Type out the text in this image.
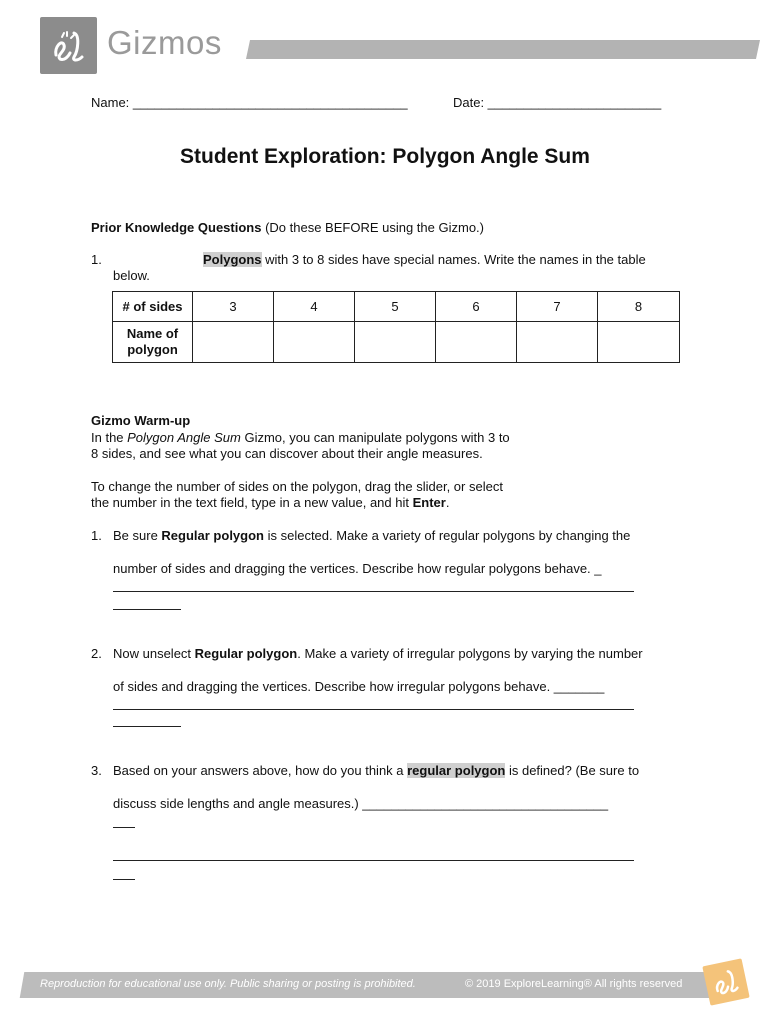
Gizmos
Name: ______________________________________	Date: ________________________
Student Exploration: Polygon Angle Sum
Prior Knowledge Questions (Do these BEFORE using the Gizmo.)
1.	Polygons with 3 to 8 sides have special names. Write the names in the table
below.
# of sides	3	4	5	6	7	8
Name of
polygon						
Gizmo Warm-up
In the Polygon Angle Sum Gizmo, you can manipulate polygons with 3 to
8 sides, and see what you can discover about their angle measures.
To change the number of sides on the polygon, drag the slider, or select
the number in the text field, type in a new value, and hit Enter.
1. Be sure Regular polygon is selected. Make a variety of regular polygons by changing the
number of sides and dragging the vertices. Describe how regular polygons behave. _
2. Now unselect Regular polygon. Make a variety of irregular polygons by varying the number
of sides and dragging the vertices. Describe how irregular polygons behave. _______
3. Based on your answers above, how do you think a regular polygon is defined? (Be sure to
discuss side lengths and angle measures.) __________________________________
Reproduction for educational use only. Public sharing or posting is prohibited.	© 2019 ExploreLearning® All rights reserved
